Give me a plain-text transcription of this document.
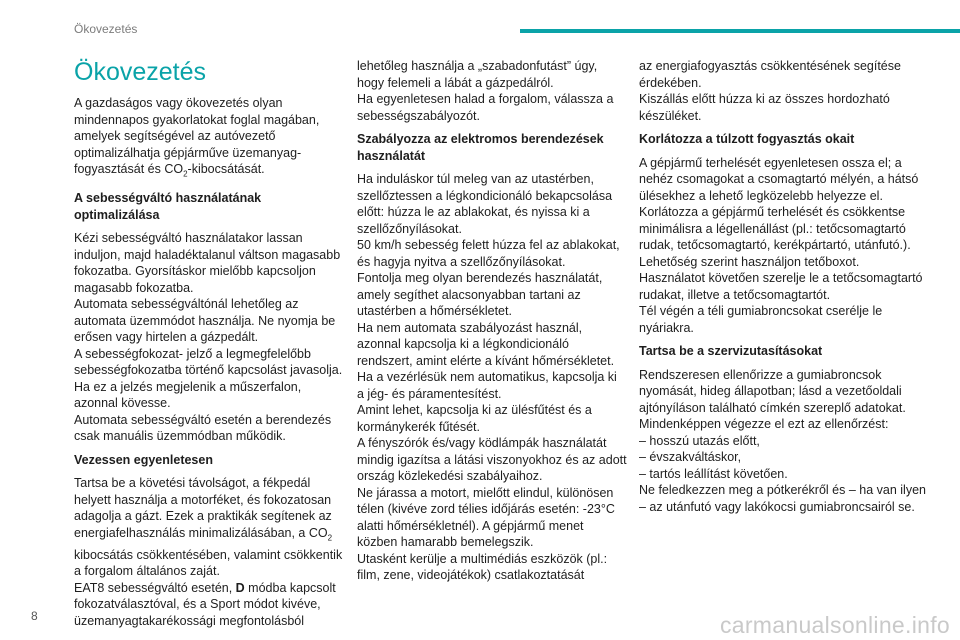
Ökovezetés
Ökovezetés

A gazdaságos vagy ökovezetés olyan mindennapos gyakorlatokat foglal magában, amelyek segítségével az autóvezető optimalizálhatja gépjárműve üzemanyag-fogyasztását és $CO_2$-kibocsátását.

A sebességváltó használatának optimalizálása

Kézi sebességváltó használatakor lassan induljon, majd haladéktalanul váltson magasabb fokozatba. Gyorsításkor mielőbb kapcsoljon magasabb fokozatba.

Automata sebességváltónál lehetőleg az automata üzemmódot használja. Ne nyomja be erősen vagy hirtelen a gázpedált.

A sebességfokozat- jelző a legmegfelelőbb sebességfokozatba történő kapcsolást javasolja. Ha ez a jelzés megjelenik a műszerfalon, azonnal kövesse.

Automata sebességváltó esetén a berendezés csak manuális üzemmódban működik.

Vezessen egyenletesen

Tartsa be a követési távolságot, a fékpedál helyett használja a motorféket, és fokozatosan adagolja a gázt. Ezek a praktikák segítenek az energiafelhasználás minimalizálásában, a $CO_2$ kibocsátás csökkentésében, valamint csökkentik a forgalom általános zaját.

EAT8 sebességváltó esetén, D módba kapcsolt fokozatválasztóval, és a Sport módot kivéve, üzemanyagtakarékossági megfontolásból

lehetőleg használja a „szabadonfutást” úgy, hogy felemeli a lábát a gázpedálról.

Ha egyenletesen halad a forgalom, válassza a sebességszabályozót.

Szabályozza az elektromos berendezések használatát

Ha induláskor túl meleg van az utastérben, szellőztessen a légkondicionáló bekapcsolása előtt: húzza le az ablakokat, és nyissa ki a szellőzőnyílásokat.

50 km/h sebesség felett húzza fel az ablakokat, és hagyja nyitva a szellőzőnyílásokat.

Fontolja meg olyan berendezés használatát, amely segíthet alacsonyabban tartani az utastérben a hőmérsékletet.

Ha nem automata szabályozást használ, azonnal kapcsolja ki a légkondicionáló rendszert, amint elérte a kívánt hőmérsékletet.

Ha a vezérlésük nem automatikus, kapcsolja ki a jég- és páramentesítést.

Amint lehet, kapcsolja ki az ülésfűtést és a kormánykerék fűtését.

A fényszórók és/vagy ködlámpák használatát mindig igazítsa a látási viszonyokhoz és az adott ország közlekedési szabályaihoz.

Ne járassa a motort, mielőtt elindul, különösen télen (kivéve zord télies időjárás esetén: -23°C alatti hőmérsékletnél). A gépjármű menet közben hamarabb bemelegszik.

Utasként kerülje a multimédiás eszközök (pl.: film, zene, videojátékok) csatlakoztatását

az energiafogyasztás csökkentésének segítése érdekében.

Kiszállás előtt húzza ki az összes hordozható készüléket.

Korlátozza a túlzott fogyasztás okait

A gépjármű terhelését egyenletesen ossza el; a nehéz csomagokat a csomagtartó mélyén, a hátsó ülésekhez a lehető legközelebb helyezze el.

Korlátozza a gépjármű terhelését és csökkentse minimálisra a légellenállást (pl.: tetőcsomagtartó rudak, tetőcsomagtartó, kerékpártartó, utánfutó.).

Lehetőség szerint használjon tetőboxot.

Használatot követően szerelje le a tetőcsomagtartó rudakat, illetve a tetőcsomagtartót.

Tél végén a téli gumiabroncsokat cserélje le nyáriakra.

Tartsa be a szervizutasításokat

Rendszeresen ellenőrizze a gumiabroncsok nyomását, hideg állapotban; lásd a vezetőoldali ajtónyíláson található címkén szereplő adatokat.

Mindenképpen végezze el ezt az ellenőrzést:

– hosszú utazás előtt,

– évszakváltáskor,

– tartós leállítást követően.

Ne feledkezzen meg a pótkerékről és – ha van ilyen – az utánfutó vagy lakókocsi gumiabroncsairól se.

8	carmanualsonline.info
